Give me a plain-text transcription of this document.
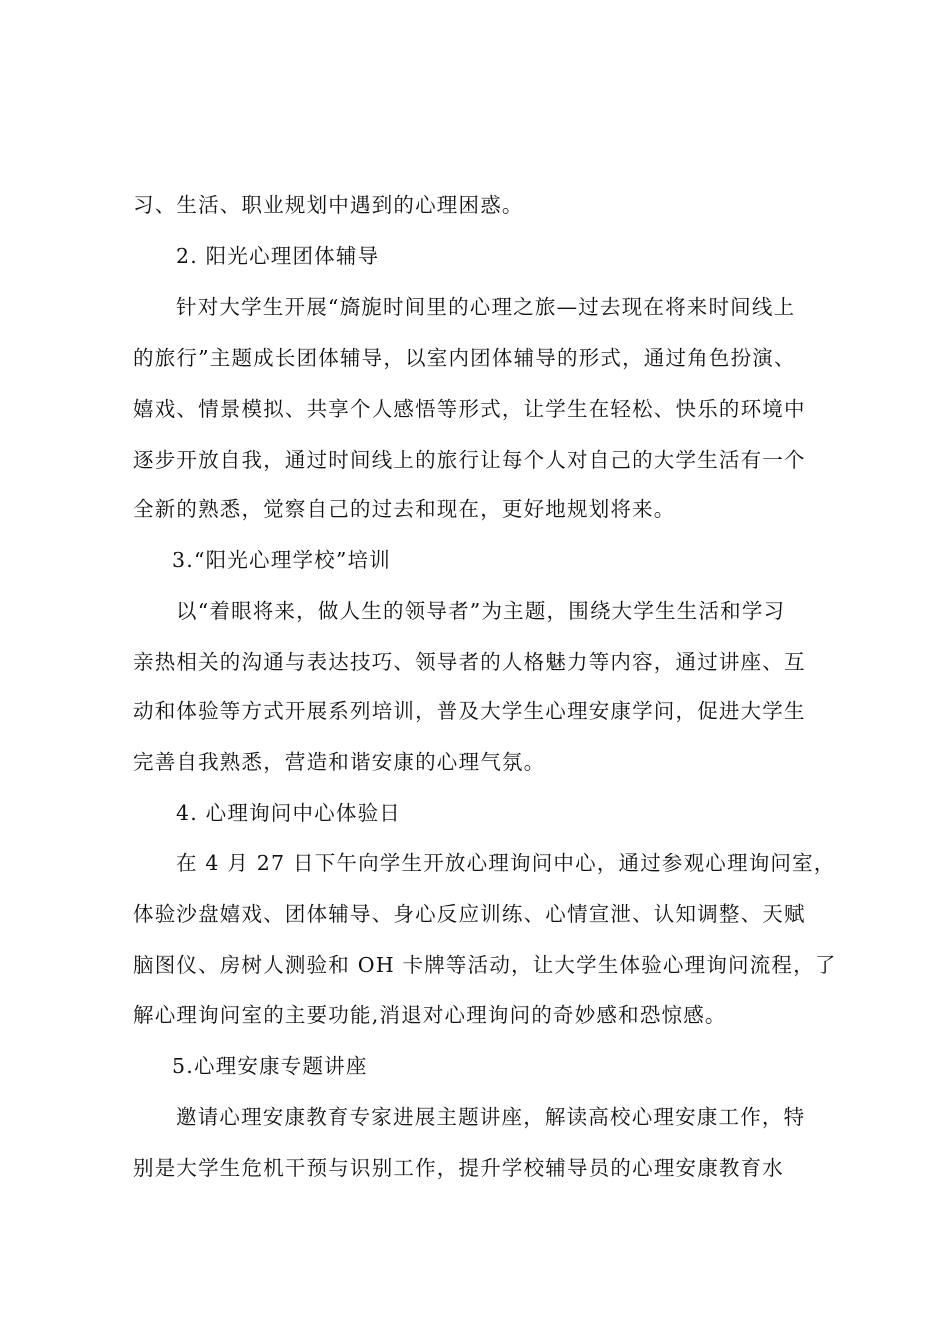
习、生活、职业规划中遇到的心理困惑。
2. 阳光心理团体辅导
针对大学生开展“旖旎时间里的心理之旅—过去现在将来时间线上
的旅行”主题成长团体辅导，以室内团体辅导的形式，通过角色扮演、
嬉戏、情景模拟、共享个人感悟等形式，让学生在轻松、快乐的环境中
逐步开放自我，通过时间线上的旅行让每个人对自己的大学生活有一个
全新的熟悉，觉察自己的过去和现在，更好地规划将来。
3.“阳光心理学校”培训
以“着眼将来，做人生的领导者”为主题，围绕大学生生活和学习
亲热相关的沟通与表达技巧、领导者的人格魅力等内容，通过讲座、互
动和体验等方式开展系列培训，普及大学生心理安康学问，促进大学生
完善自我熟悉，营造和谐安康的心理气氛。
4. 心理询问中心体验日
在 4 月 27 日下午向学生开放心理询问中心，通过参观心理询问室，
体验沙盘嬉戏、团体辅导、身心反应训练、心情宣泄、认知调整、天赋
脑图仪、房树人测验和 OH 卡牌等活动，让大学生体验心理询问流程，了
解心理询问室的主要功能,消退对心理询问的奇妙感和恐惊感。
5.心理安康专题讲座
邀请心理安康教育专家进展主题讲座，解读高校心理安康工作，特
别是大学生危机干预与识别工作，提升学校辅导员的心理安康教育水
